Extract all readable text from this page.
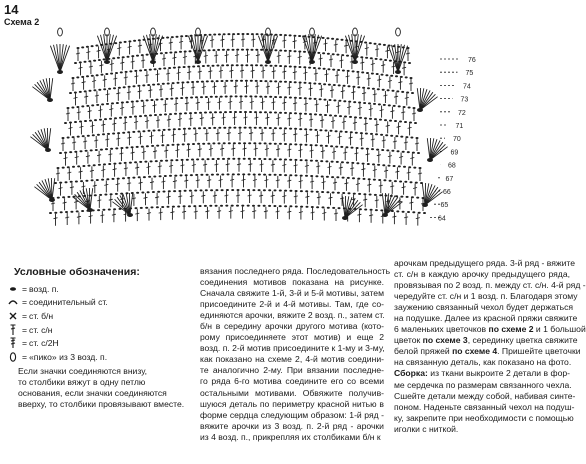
14
Схема 2
76
75
74
73
72
71
70
69
68
67
66
65
64
Условные обозначения:
= возд. п.
= соединительный ст.
= ст. б/н
= ст. с/н
= ст. с/2Н
= «пико» из 3 возд. п.
Если значки соединяются внизу,
то столбики вяжут в одну петлю
основания, если значки соединяются
вверху, то столбики провязывают вместе.
вязания последнего ряда. Последовательность
соединения мотивов показана на рисунке.
Сначала свяжите 1-й, 3-й и 5-й мотивы, затем
присоедините 2-й и 4-й мотивы. Там, где со-
единяются арочки, вяжите 2 возд. п., затем ст.
б/н в середину арочки другого мотива (кото-
рому присоединяете этот мотив) и еще 2
возд. п. 2-й мотив присоедините к 1-му и 3-му,
как показано на схеме 2, 4-й мотив соедини-
те аналогично 2-му. При вязании последне-
го ряда 6-го мотива соедините его со всеми
остальными мотивами. Обвяжите получив-
шуюся деталь по периметру красной нитью в
форме сердца следующим образом: 1-й ряд -
вяжите арочки из 3 возд. п. 2-й ряд - арочки
из 4 возд. п., прикрепляя их столбиками б/н к
арочкам предыдущего ряда. 3-й ряд - вяжите
ст. с/н в каждую арочку предыдущего ряда,
провязывая по 2 возд. п. между ст. с/н. 4-й ряд -
чередуйте ст. с/н и 1 возд. п. Благодаря этому
заужению связанный чехол будет держаться
на подушке. Далее из красной пряжи свяжите
6 маленьких цветочков по схеме 2 и 1 большой
цветок по схеме 3, серединку цветка свяжите
белой пряжей по схеме 4. Пришейте цветочки
на связанную деталь, как показано на фото.
Сборка: из ткани выкроите 2 детали в фор-
ме сердечка по размерам связанного чехла.
Сшейте детали между собой, набивая синте-
поном. Наденьте связанный чехол на подуш-
ку, закрепите при необходимости с помощью
иголки с ниткой.
